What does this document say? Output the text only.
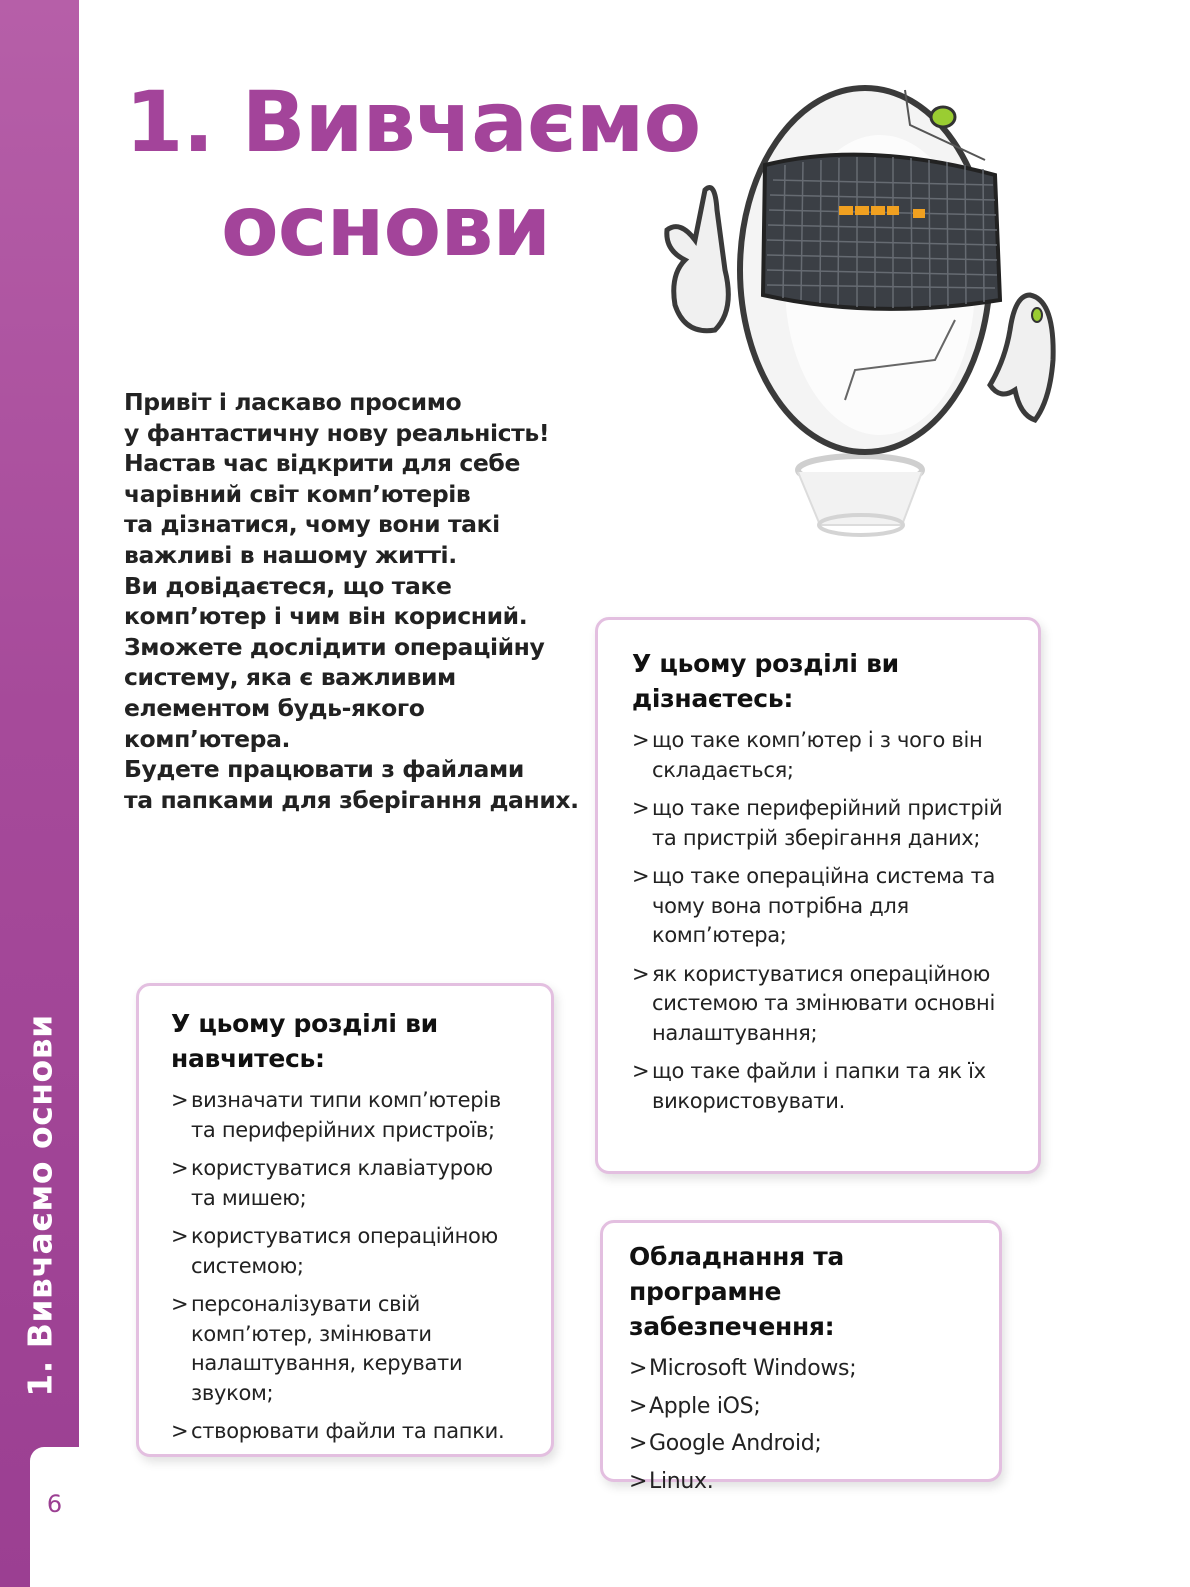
1. Вивчаємо основи
6
1. Вивчаємо
основи
Привіт і ласкаво просимо
у фантастичну нову реальність!
Настав час відкрити для себе
чарівний світ комп’ютерів
та дізнатися, чому вони такі
важливі в нашому житті.
Ви довідаєтеся, що таке
комп’ютер і чим він корисний.
Зможете дослідити операційну
систему, яка є важливим
елементом будь-якого
комп’ютера.
Будете працювати з файлами
та папками для зберігання даних.
У цьому розділі ви дізнаєтесь:
> що таке комп’ютер і з чого він складається;
> що таке периферійний пристрій та пристрій зберігання даних;
> що таке операційна система та чому вона потрібна для комп’ютера;
> як користуватися операційною системою та змінювати основні налаштування;
> що таке файли і папки та як їх використовувати.
У цьому розділі ви навчитесь:
> визначати типи комп’ютерів та периферійних пристроїв;
> користуватися клавіатурою та мишею;
> користуватися операційною системою;
> персоналізувати свій комп’ютер, змінювати налаштування, керувати звуком;
> створювати файли та папки.
Обладнання та програмне забезпечення:
> Microsoft Windows;
> Apple iOS;
> Google Android;
> Linux.
